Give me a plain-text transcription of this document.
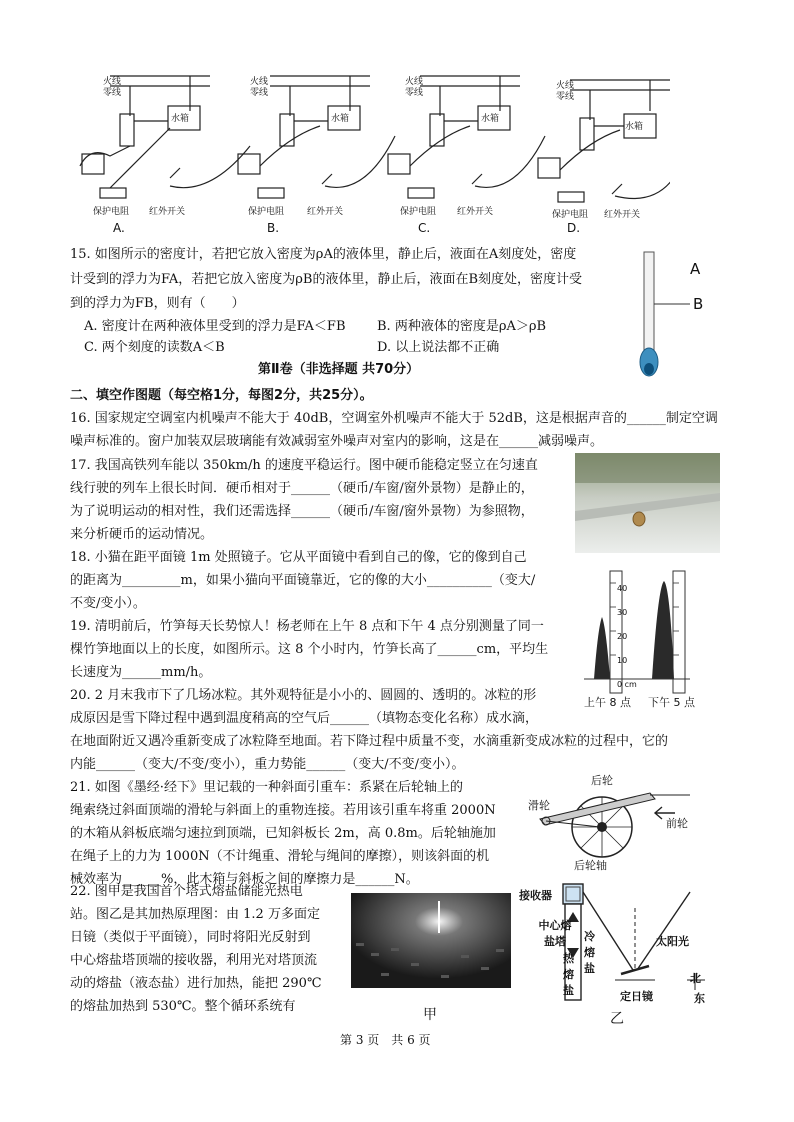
火线
零线
水箱
保护电阻 红外开关
火线
零线
水箱
保护电阻	红外开关
火线
零线
水箱
保护电阻 红外开关
火线
零线
水箱
保护电阻 红外开关
A.	B.	C.	D.
15. 如图所示的密度计，若把它放入密度为ρA的液体里，静止后，液面在A刻度处，密度
计受到的浮力为FA，若把它放入密度为ρB的液体里，静止后，液面在B刻度处，密度计受
到的浮力为FB，则有（　　）
A. 密度计在两种液体里受到的浮力是FA＜FB B. 两种液体的密度是ρA＞ρB
C. 两个刻度的读数A＜B	D. 以上说法都不正确
A
B
第Ⅱ卷（非选择题 共70分）
二、填空作图题（每空格1分，每图2分，共25分）。
16. 国家规定空调室内机噪声不能大于 40dB，空调室外机噪声不能大于 52dB，这是根据声音的______制定空调
噪声标准的。窗户加装双层玻璃能有效减弱室外噪声对室内的影响，这是在______减弱噪声。
17. 我国高铁列车能以 350km/h 的速度平稳运行。图中硬币能稳定竖立在匀速直
线行驶的列车上很长时间．硬币相对于______（硬币/车窗/窗外景物）是静止的，
为了说明运动的相对性，我们还需选择______（硬币/车窗/窗外景物）为参照物，
来分析硬币的运动情况。
18. 小猫在距平面镜 1m 处照镜子。它从平面镜中看到自己的像，它的像到自己
的距离为_________m，如果小猫向平面镜靠近，它的像的大小__________（变大/
不变/变小）。
19. 清明前后，竹笋每天长势惊人！杨老师在上午 8 点和下午 4 点分别测量了同一
棵竹笋地面以上的长度，如图所示。这 8 个小时内，竹笋长高了______cm，平均生
长速度为______mm/h。
上午 8 点 下午 5 点
40
30
20
10
0 cm
20. 2 月末我市下了几场冰粒。其外观特征是小小的、圆圆的、透明的。冰粒的形
成原因是雪下降过程中遇到温度稍高的空气后______（填物态变化名称）成水滴，
在地面附近又遇冷重新变成了冰粒降至地面。若下降过程中质量不变，水滴重新变成冰粒的过程中，它的
内能______（变大/不变/变小），重力势能______（变大/不变/变小）。
21. 如图《墨经·经下》里记载的一种斜面引重车：系紧在后轮轴上的
绳索绕过斜面顶端的滑轮与斜面上的重物连接。若用该引重车将重 2000N
的木箱从斜板底端匀速拉到顶端，已知斜板长 2m，高 0.8m。后轮轴施加
在绳子上的力为 1000N（不计绳重、滑轮与绳间的摩擦），则该斜面的机
械效率为______%，此木箱与斜板之间的摩擦力是______N。
后轮
滑轮
前轮
后轮轴
22. 图甲是我国首个塔式熔盐储能光热电
站。图乙是其加热原理图：由 1.2 万多面定
日镜（类似于平面镜），同时将阳光反射到
中心熔盐塔顶端的接收器，利用光对塔顶流
动的熔盐（液态盐）进行加热，能把 290℃
的熔盐加热到 530℃。整个循环系统有
甲
接收器
中心熔盐塔
热熔盐
冷熔盐
太阳光
定日镜
北
东
乙
第 3 页　共 6 页
